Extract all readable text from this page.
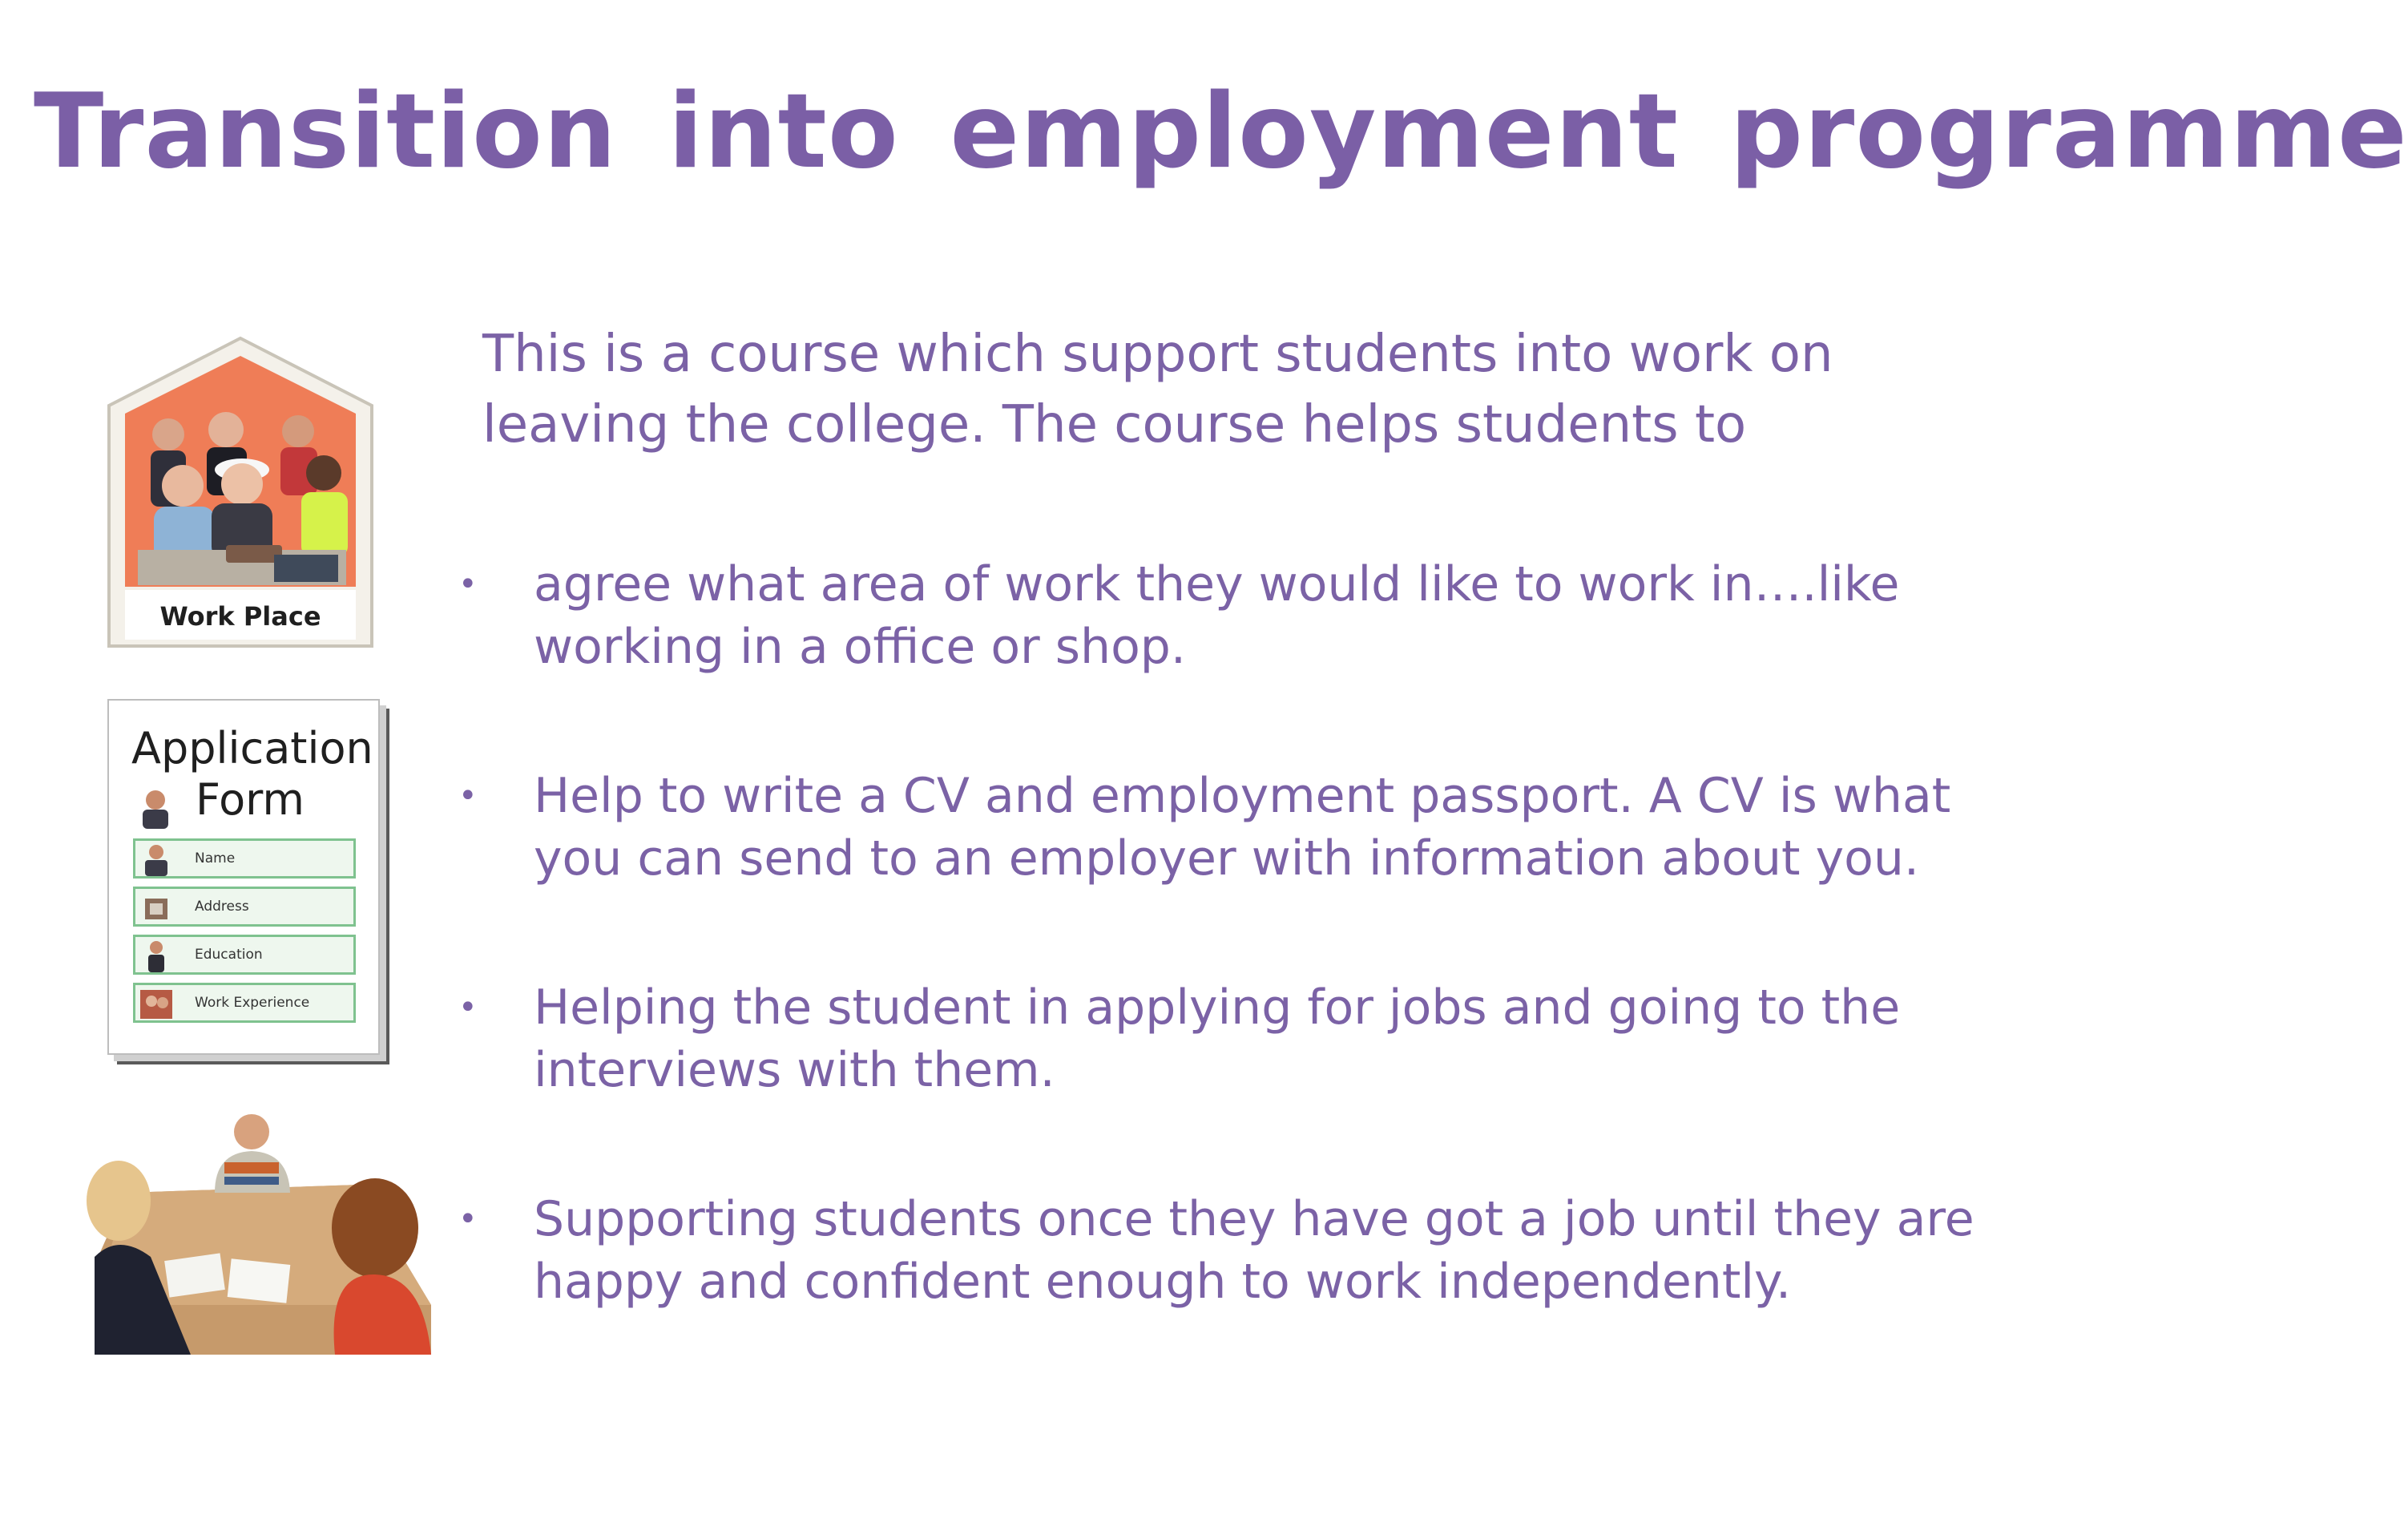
Transition into employment programme
This is a course which support students into work on leaving the college. The course helps students to
• agree what area of work they would like to work in….like working in a office or shop.
• Help to write a CV and employment passport. A CV is what you can send to an employer with information about you.
• Helping the student in applying for jobs and going to the interviews with them.
• Supporting students once they have got a job until they are happy and confident enough to work independently.
Work Place
Application
Form
Name
Address
Education
Work Experience
